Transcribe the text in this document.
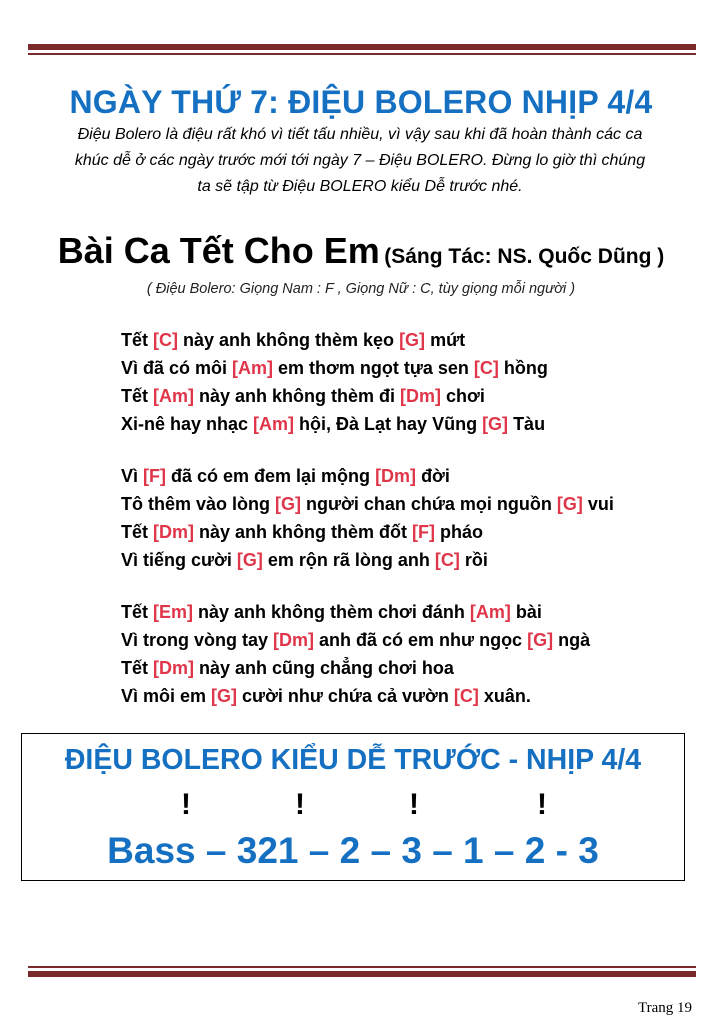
NGÀY THỨ 7: ĐIỆU BOLERO NHỊP 4/4
Điệu Bolero là điệu rất khó vì tiết tấu nhiều, vì vậy sau khi đã hoàn thành các ca
khúc dễ ở các ngày trước mới tới ngày 7 – Điệu BOLERO. Đừng lo giờ thì chúng
ta sẽ tập từ Điệu BOLERO kiểu Dễ trước nhé.
Bài Ca Tết Cho Em (Sáng Tác: NS. Quốc Dũng )
( Điệu Bolero: Giọng Nam : F , Giọng Nữ : C, tùy giọng mỗi người )
Tết [C] này anh không thèm kẹo [G] mứt
Vì đã có môi [Am] em thơm ngọt tựa sen [C] hồng
Tết [Am] này anh không thèm đi [Dm] chơi
Xi-nê hay nhạc [Am] hội, Đà Lạt hay Vũng [G] Tàu
Vì [F] đã có em đem lại mộng [Dm] đời
Tô thêm vào lòng [G] người chan chứa mọi nguồn [G] vui
Tết [Dm] này anh không thèm đốt [F] pháo
Vì tiếng cười [G] em rộn rã lòng anh [C] rồi
Tết [Em] này anh không thèm chơi đánh [Am] bài
Vì trong vòng tay [Dm] anh đã có em như ngọc [G] ngà
Tết [Dm] này anh cũng chẳng chơi hoa
Vì môi em [G] cười như chứa cả vườn [C] xuân.
ĐIỆU BOLERO KIỂU DỄ TRƯỚC - NHỊP 4/4
!	!	!	!
Bass – 321 – 2 – 3 – 1 – 2 - 3
Trang 19
